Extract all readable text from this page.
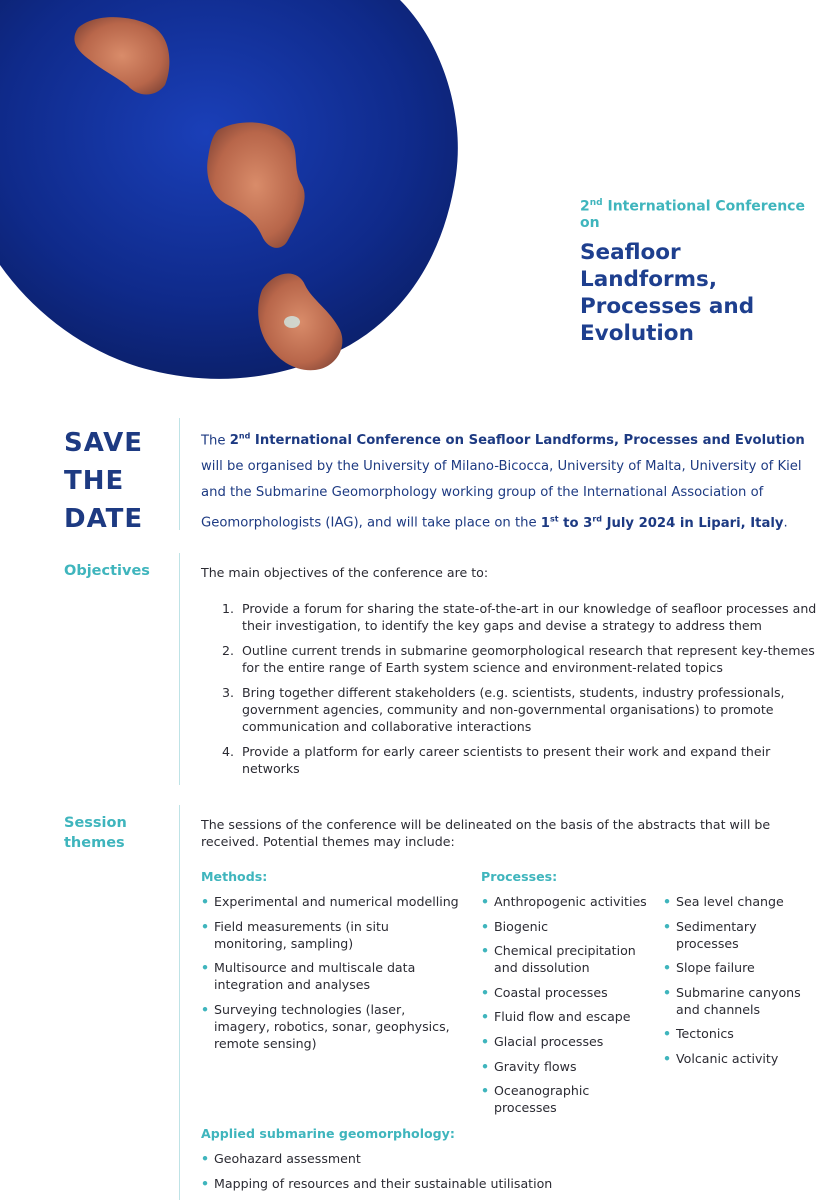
2nd International Conference on
Seafloor Landforms,
Processes and
Evolution
SAVE
THE
DATE
The 2nd International Conference on Seafloor Landforms, Processes and Evolution will be organised by the University of Milano-Bicocca, University of Malta, University of Kiel and the Submarine Geomorphology working group of the International Association of Geomorphologists (IAG), and will take place on the 1st to 3rd July 2024 in Lipari, Italy.
Objectives	The main objectives of the conference are to:
1. Provide a forum for sharing the state-of-the-art in our knowledge of seafloor processes and their investigation, to identify the key gaps and devise a strategy to address them
2. Outline current trends in submarine geomorphological research that represent key-themes for the entire range of Earth system science and environment-related topics
3. Bring together different stakeholders (e.g. scientists, students, industry professionals, government agencies, community and non-governmental organisations) to promote communication and collaborative interactions
4. Provide a platform for early career scientists to present their work and expand their networks
Session
themes
The sessions of the conference will be delineated on the basis of the abstracts that will be received. Potential themes may include:
Methods:
• Experimental and numerical modelling
• Field measurements (in situ monitoring, sampling)
• Multisource and multiscale data integration and analyses
• Surveying technologies (laser, imagery, robotics, sonar, geophysics, remote sensing)
Processes:
• Anthropogenic activities
• Biogenic
• Chemical precipitation and dissolution
• Coastal processes
• Fluid flow and escape
• Glacial processes
• Gravity flows
• Oceanographic processes
• Sea level change
• Sedimentary processes
• Slope failure
• Submarine canyons and channels
• Tectonics
• Volcanic activity
Applied submarine geomorphology:
• Geohazard assessment
• Mapping of resources and their sustainable utilisation
